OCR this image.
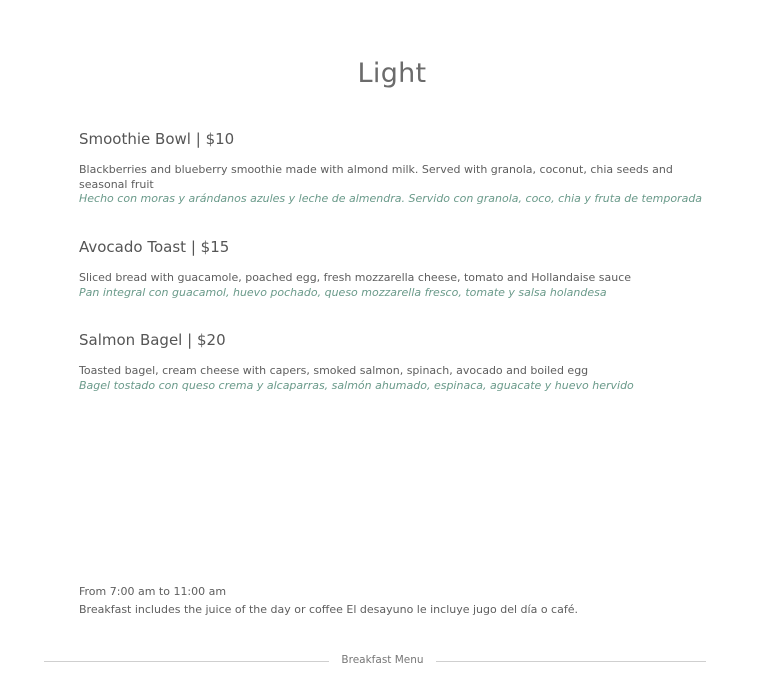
Light
Smoothie Bowl | $10

Blackberries and blueberry smoothie made with almond milk. Served with granola, coconut, chia seeds and seasonal fruit

Hecho con moras y arándanos azules y leche de almendra. Servido con granola, coco, chia y fruta de temporada

Avocado Toast | $15

Sliced bread with guacamole, poached egg, fresh mozzarella cheese, tomato and Hollandaise sauce

Pan integral con guacamol, huevo pochado, queso mozzarella fresco, tomate y salsa holandesa

Salmon Bagel | $20

Toasted bagel, cream cheese with capers, smoked salmon, spinach, avocado and boiled egg

Bagel tostado con queso crema y alcaparras, salmón ahumado, espinaca, aguacate y huevo hervido

From 7:00 am to 11:00 am

Breakfast includes the juice of the day or coffee El desayuno le incluye jugo del día o café.

Breakfast Menu
